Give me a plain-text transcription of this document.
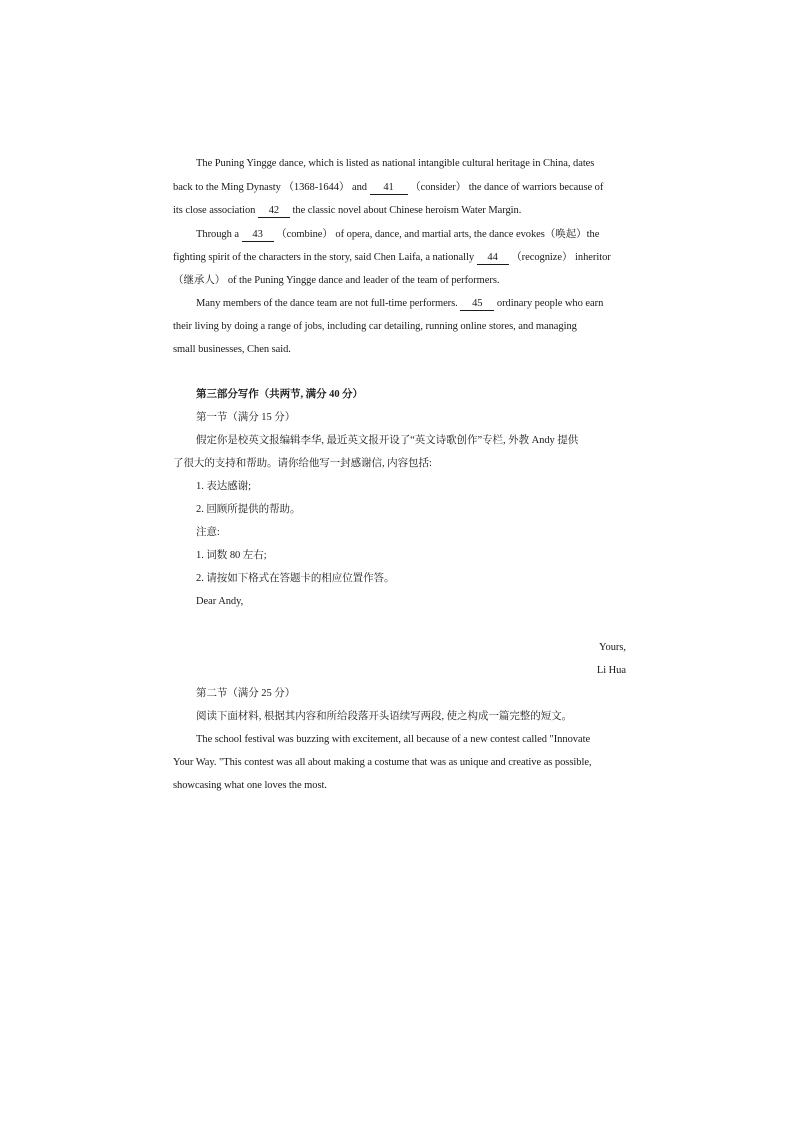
The Puning Yingge dance, which is listed as national intangible cultural heritage in China, dates
back to the Ming Dynasty （1368-1644） and 41 （consider） the dance of warriors because of
its close association 42 the classic novel about Chinese heroism Water Margin.
Through a 43 （combine） of opera, dance, and martial arts, the dance evokes（唤起）the
fighting spirit of the characters in the story, said Chen Laifa, a nationally 44 （recognize） inheritor
（继承人） of the Puning Yingge dance and leader of the team of performers.
Many members of the dance team are not full-time performers. 45 ordinary people who earn
their living by doing a range of jobs, including car detailing, running online stores, and managing
small businesses, Chen said.
第三部分写作（共两节, 满分 40 分）
第一节（满分 15 分）
假定你是校英文报编辑李华, 最近英文报开设了“英文诗歌创作”专栏, 外教 Andy 提供
了很大的支持和帮助。请你给他写一封感谢信, 内容包括:
1. 表达感谢;
2. 回顾所提供的帮助。
注意:
1. 词数 80 左右;
2. 请按如下格式在答题卡的相应位置作答。
Dear Andy,
Yours,
Li Hua
第二节（满分 25 分）
阅读下面材料, 根据其内容和所给段落开头语续写两段, 使之构成一篇完整的短文。
The school festival was buzzing with excitement, all because of a new contest called "Innovate
Your Way. "This contest was all about making a costume that was as unique and creative as possible,
showcasing what one loves the most.
